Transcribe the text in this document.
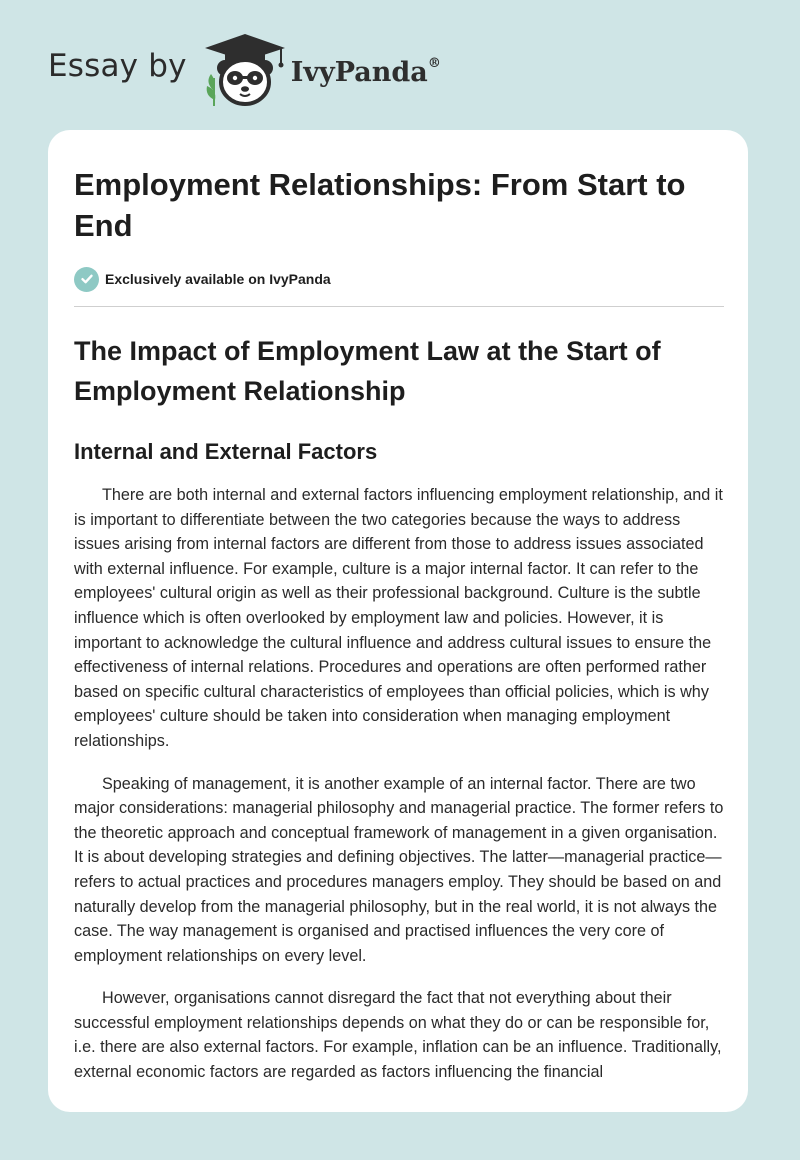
Essay by	IvyPanda®
Employment Relationships: From Start to End
Exclusively available on IvyPanda
The Impact of Employment Law at the Start of Employment Relationship
Internal and External Factors

There are both internal and external factors influencing employment relationship, and it is important to differentiate between the two categories because the ways to address issues arising from internal factors are different from those to address issues associated with external influence. For example, culture is a major internal factor. It can refer to the employees' cultural origin as well as their professional background. Culture is the subtle influence which is often overlooked by employment law and policies. However, it is important to acknowledge the cultural influence and address cultural issues to ensure the effectiveness of internal relations. Procedures and operations are often performed rather based on specific cultural characteristics of employees than official policies, which is why employees' culture should be taken into consideration when managing employment relationships.

Speaking of management, it is another example of an internal factor. There are two major considerations: managerial philosophy and managerial practice. The former refers to the theoretic approach and conceptual framework of management in a given organisation. It is about developing strategies and defining objectives. The latter—managerial practice—refers to actual practices and procedures managers employ. They should be based on and naturally develop from the managerial philosophy, but in the real world, it is not always the case. The way management is organised and practised influences the very core of employment relationships on every level.

However, organisations cannot disregard the fact that not everything about their successful employment relationships depends on what they do or can be responsible for, i.e. there are also external factors. For example, inflation can be an influence. Traditionally, external economic factors are regarded as factors influencing the financial
